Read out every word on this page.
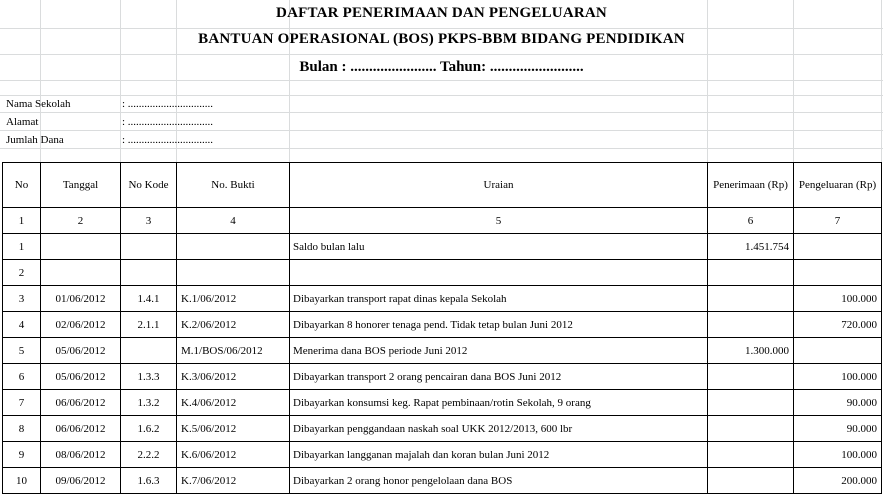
DAFTAR PENERIMAAN DAN PENGELUARAN
BANTUAN OPERASIONAL (BOS) PKPS-BBM BIDANG PENDIDIKAN
Bulan : ....................... Tahun: .........................
Nama Sekolah	: ...............................
Alamat	: ...............................
Jumlah Dana	: ...............................
No	Tanggal	No Kode	No. Bukti	Uraian	Penerimaan (Rp)	Pengeluaran (Rp)
1	2	3	4	5	6	7
1				Saldo bulan lalu	1.451.754	
2						
3	01/06/2012	1.4.1	K.1/06/2012	Dibayarkan transport rapat dinas kepala Sekolah		100.000
4	02/06/2012	2.1.1	K.2/06/2012	Dibayarkan 8 honorer tenaga pend. Tidak tetap bulan Juni 2012		720.000
5	05/06/2012		M.1/BOS/06/2012	Menerima dana BOS periode Juni 2012	1.300.000	
6	05/06/2012	1.3.3	K.3/06/2012	Dibayarkan transport 2 orang pencairan dana BOS Juni 2012		100.000
7	06/06/2012	1.3.2	K.4/06/2012	Dibayarkan konsumsi keg. Rapat pembinaan/rotin Sekolah, 9 orang		90.000
8	06/06/2012	1.6.2	K.5/06/2012	Dibayarkan penggandaan naskah soal UKK 2012/2013, 600 lbr		90.000
9	08/06/2012	2.2.2	K.6/06/2012	Dibayarkan langganan majalah dan koran bulan Juni 2012		100.000
10	09/06/2012	1.6.3	K.7/06/2012	Dibayarkan 2 orang honor pengelolaan dana BOS		200.000
